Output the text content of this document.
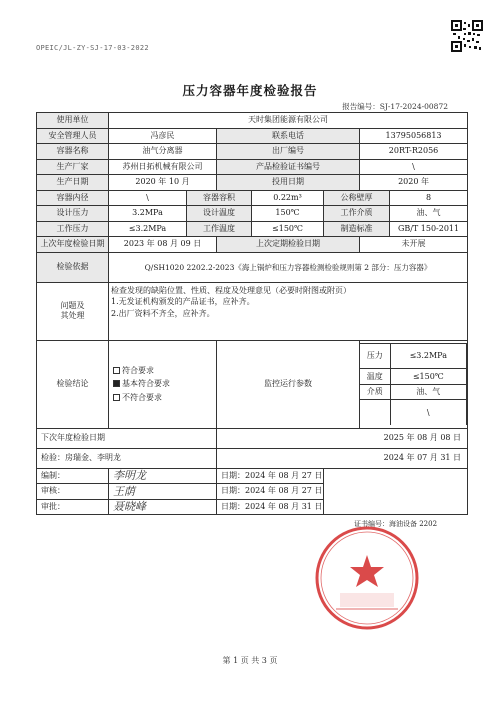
OPEIC/JL-ZY-SJ-17-03-2022
压力容器年度检验报告
报告编号：SJ-17-2024-00872
使用单位	天时集团能源有限公司
安全管理人员	冯彦民	联系电话	13795056813
容器名称	油气分离器	出厂编号	20RT-R2056
生产厂家	苏州日拓机械有限公司	产品检验证书编号	\
生产日期	2020 年 10 月	投用日期	2020 年
容器内径	\	容器容积	0.22m³	公称壁厚	8
设计压力	3.2MPa	设计温度	150℃	工作介质	油、气
工作压力	≤3.2MPa	工作温度	≤150℃	制造标准	GB/T 150-2011
上次年度检验日期	2023 年 08 月 09 日	上次定期检验日期	未开展
检验依据	Q/SH1020 2202.2-2023《海上锅炉和压力容器检测检验规则第 2 部分：压力容器》

问题及
其处理

检查发现的缺陷位置、性质、程度及处理意见（必要时附图或附页）
1.无发证机构颁发的产品证书，应补齐。
2.出厂资料不齐全，应补齐。

检验结论	
符合要求
基本符合要求
不符合要求
	监控运行参数	
压力	≤3.2MPa
温度	≤150℃
介质	油、气
	\

下次年度检验日期	2025 年 08 月 08 日
检验：房瑞金、李明龙	2024 年 07 月 31 日
编制：	李明龙	日期：2024 年 08 月 27 日	
审核：	王荫	日期：2024 年 08 月 27 日
审批：	聂晓峰	日期：2024 年 08 月 31 日
证书编号：海油设备 2202
第 1 页 共 3 页
